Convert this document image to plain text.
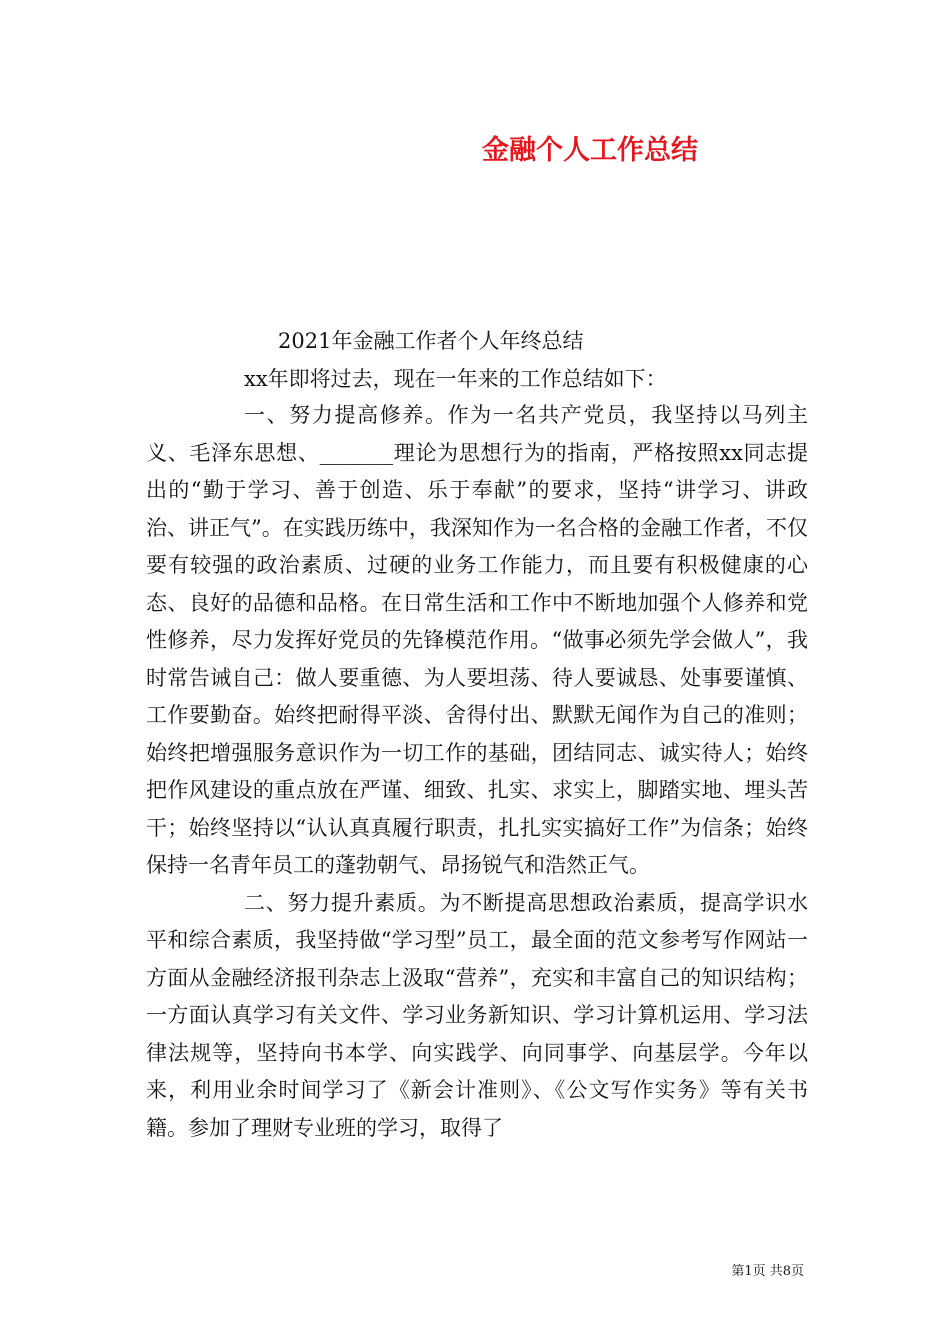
金融个人工作总结
2021年金融工作者个人年终总结
xx年即将过去，现在一年来的工作总结如下：

一、努力提高修养。作为一名共产党员，我坚持以马列主义、毛泽东思想、_______理论为思想行为的指南，严格按照xx同志提出的“勤于学习、善于创造、乐于奉献”的要求，坚持“讲学习、讲政治、讲正气”。在实践历练中，我深知作为一名合格的金融工作者，不仅要有较强的政治素质、过硬的业务工作能力，而且要有积极健康的心态、良好的品德和品格。在日常生活和工作中不断地加强个人修养和党性修养，尽力发挥好党员的先锋模范作用。“做事必须先学会做人”，我时常告诫自己：做人要重德、为人要坦荡、待人要诚恳、处事要谨慎、工作要勤奋。始终把耐得平淡、舍得付出、默默无闻作为自己的准则；始终把增强服务意识作为一切工作的基础，团结同志、诚实待人；始终把作风建设的重点放在严谨、细致、扎实、求实上，脚踏实地、埋头苦干；始终坚持以“认认真真履行职责，扎扎实实搞好工作”为信条；始终保持一名青年员工的蓬勃朝气、昂扬锐气和浩然正气。

二、努力提升素质。为不断提高思想政治素质，提高学识水平和综合素质，我坚持做“学习型”员工，最全面的范文参考写作网站一方面从金融经济报刊杂志上汲取“营养”，充实和丰富自己的知识结构；一方面认真学习有关文件、学习业务新知识、学习计算机运用、学习法律法规等，坚持向书本学、向实践学、向同事学、向基层学。今年以来，利用业余时间学习了《新会计准则》、《公文写作实务》等有关书籍。参加了理财专业班的学习，取得了

第1页 共8页
